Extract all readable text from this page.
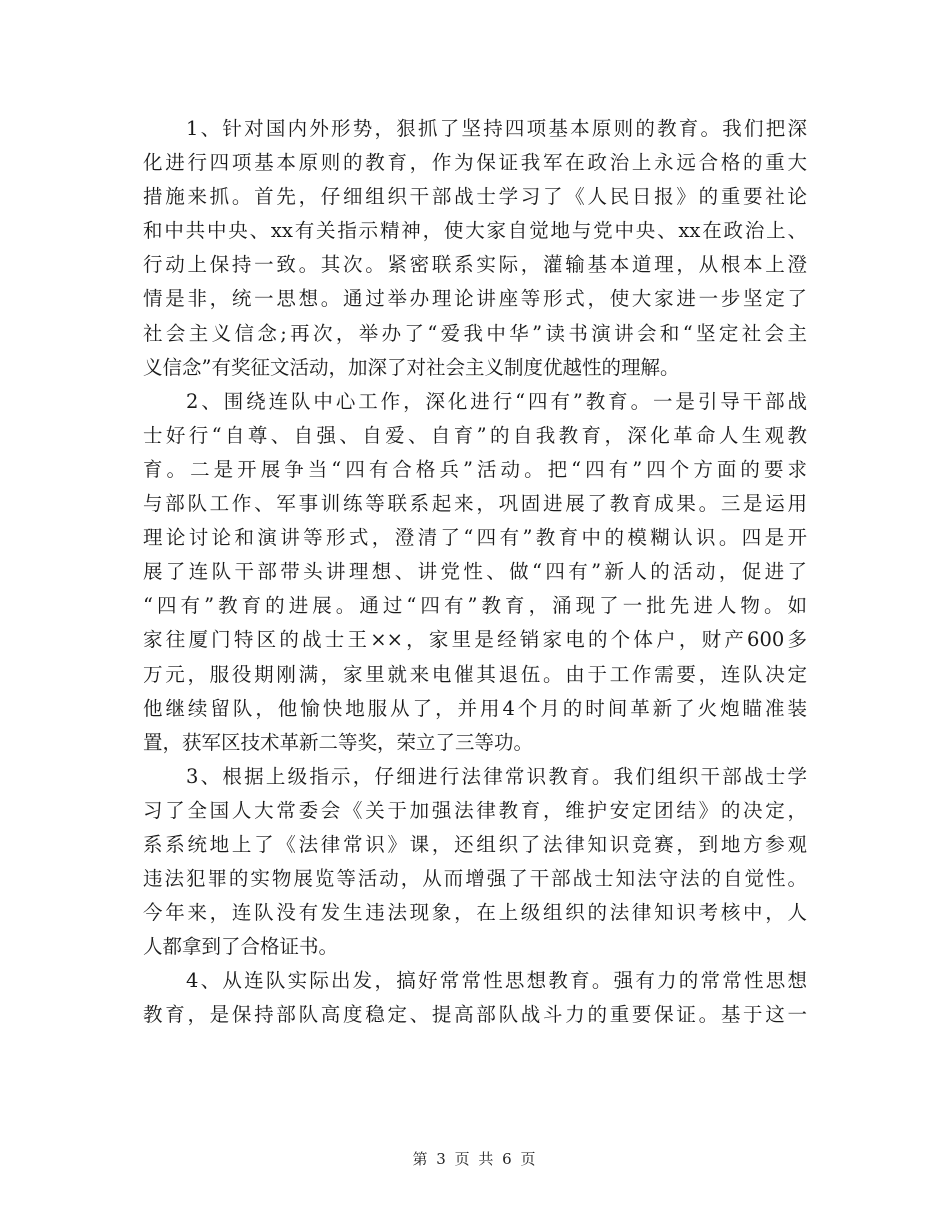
1、针对国内外形势，狠抓了坚持四项基本原则的教育。我们把深
化进行四项基本原则的教育，作为保证我军在政治上永远合格的重大
措施来抓。首先，仔细组织干部战士学习了《人民日报》的重要社论
和中共中央、xx有关指示精神，使大家自觉地与党中央、xx在政治上、
行动上保持一致。其次。紧密联系实际，灌输基本道理，从根本上澄
情是非，统一思想。通过举办理论讲座等形式，使大家进一步坚定了
社会主义信念;再次，举办了“爱我中华”读书演讲会和“坚定社会主
义信念”有奖征文活动，加深了对社会主义制度优越性的理解。
2、围绕连队中心工作，深化进行“四有”教育。一是引导干部战
士好行“自尊、自强、自爱、自育”的自我教育，深化革命人生观教
育。二是开展争当“四有合格兵”活动。把“四有”四个方面的要求
与部队工作、军事训练等联系起来，巩固进展了教育成果。三是运用
理论讨论和演讲等形式，澄清了“四有”教育中的模糊认识。四是开
展了连队干部带头讲理想、讲党性、做“四有”新人的活动，促进了
“四有”教育的进展。通过“四有”教育，涌现了一批先进人物。如
家往厦门特区的战士王××，家里是经销家电的个体户，财产600多
万元，服役期刚满，家里就来电催其退伍。由于工作需要，连队决定
他继续留队，他愉快地服从了，并用4个月的时间革新了火炮瞄准装
置，获军区技术革新二等奖，荣立了三等功。
3、根据上级指示，仔细进行法律常识教育。我们组织干部战士学
习了全国人大常委会《关于加强法律教育，维护安定团结》的决定，
系系统地上了《法律常识》课，还组织了法律知识竞赛，到地方参观
违法犯罪的实物展览等活动，从而增强了干部战士知法守法的自觉性。
今年来，连队没有发生违法现象，在上级组织的法律知识考核中，人
人都拿到了合格证书。
4、从连队实际出发，搞好常常性思想教育。强有力的常常性思想
教育，是保持部队高度稳定、提高部队战斗力的重要保证。基于这一
第 3 页 共 6 页
